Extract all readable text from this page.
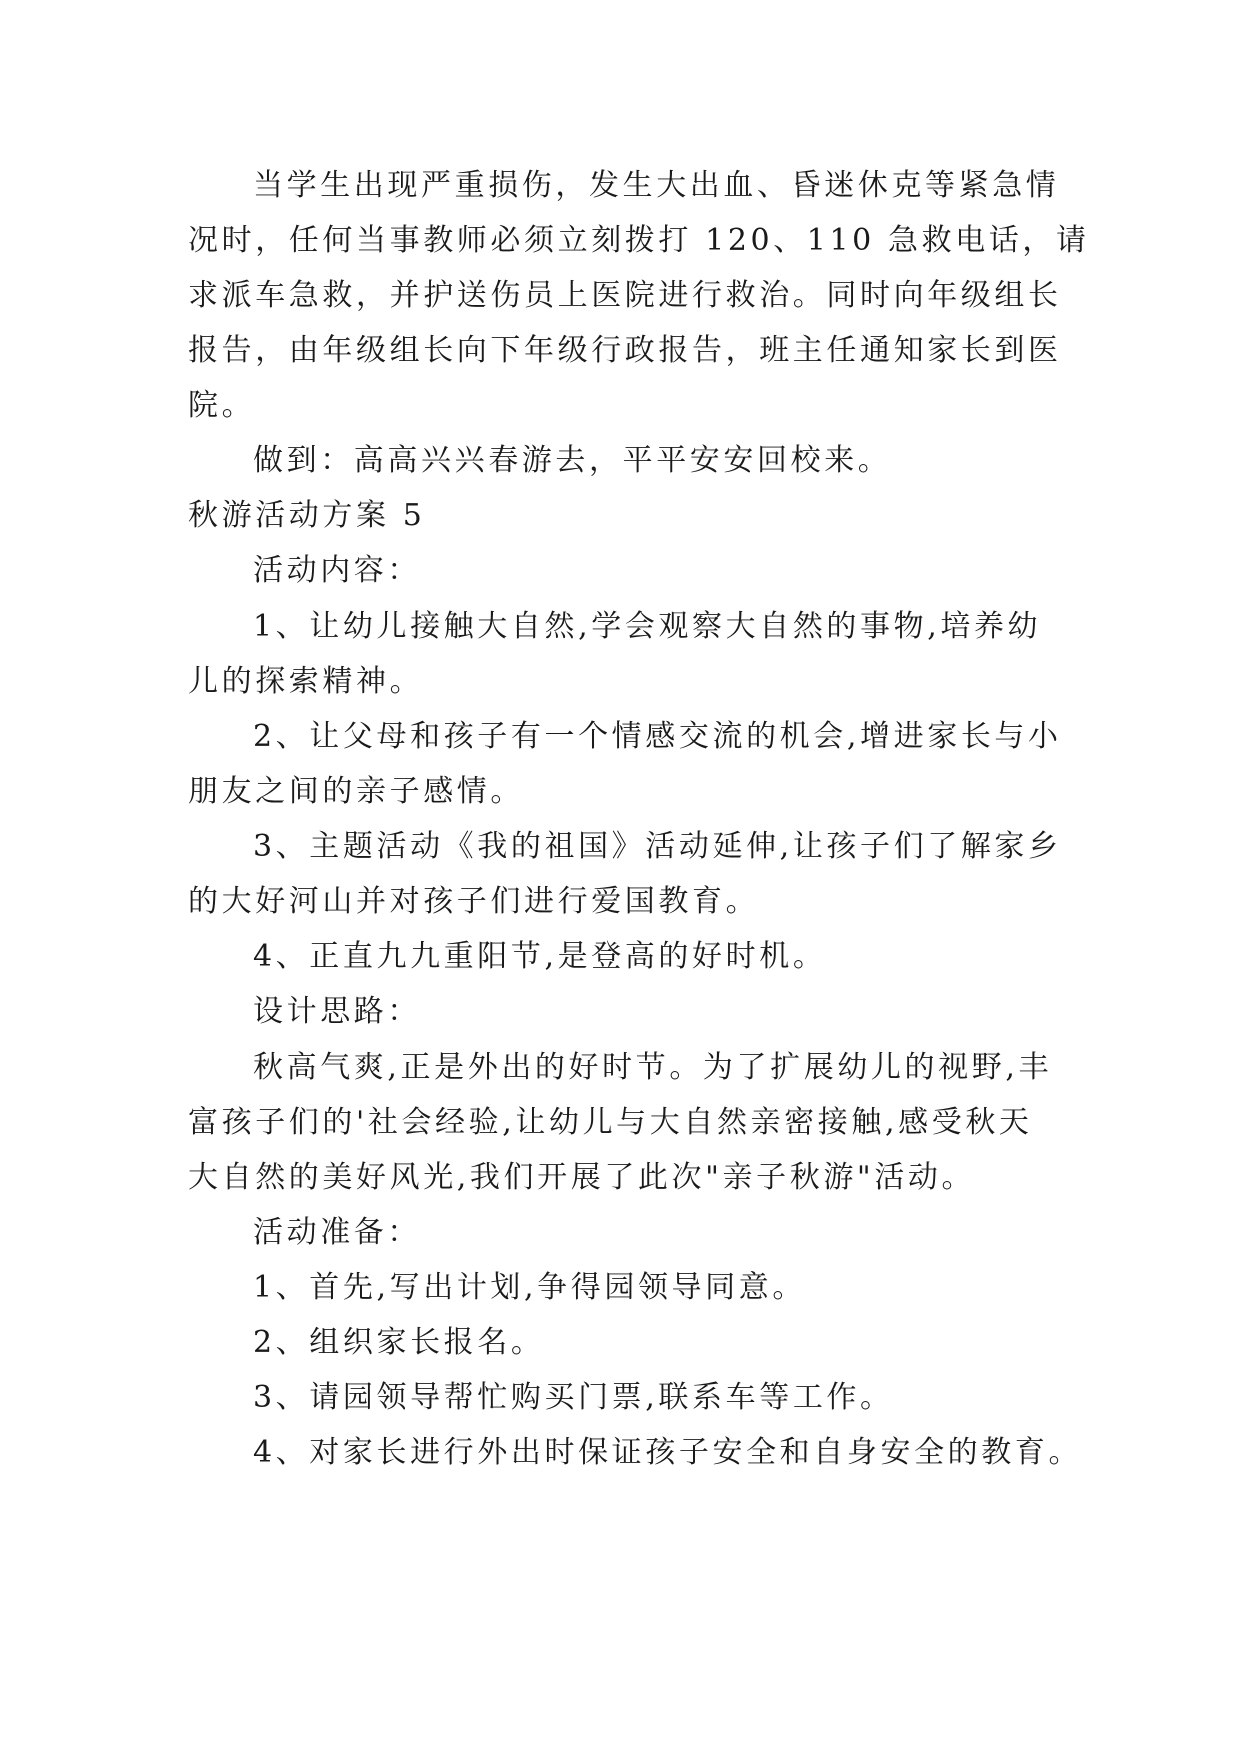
当学生出现严重损伤，发生大出血、昏迷休克等紧急情
况时，任何当事教师必须立刻拨打 120、110 急救电话，请
求派车急救，并护送伤员上医院进行救治。同时向年级组长
报告，由年级组长向下年级行政报告，班主任通知家长到医
院。
做到：高高兴兴春游去，平平安安回校来。
秋游活动方案 5
活动内容：
1、让幼儿接触大自然,学会观察大自然的事物,培养幼
儿的探索精神。
2、让父母和孩子有一个情感交流的机会,增进家长与小
朋友之间的亲子感情。
3、主题活动《我的祖国》活动延伸,让孩子们了解家乡
的大好河山并对孩子们进行爱国教育。
4、正直九九重阳节,是登高的好时机。
设计思路：
秋高气爽,正是外出的好时节。为了扩展幼儿的视野,丰
富孩子们的'社会经验,让幼儿与大自然亲密接触,感受秋天
大自然的美好风光,我们开展了此次"亲子秋游"活动。
活动准备：
1、首先,写出计划,争得园领导同意。
2、组织家长报名。
3、请园领导帮忙购买门票,联系车等工作。
4、对家长进行外出时保证孩子安全和自身安全的教育。
